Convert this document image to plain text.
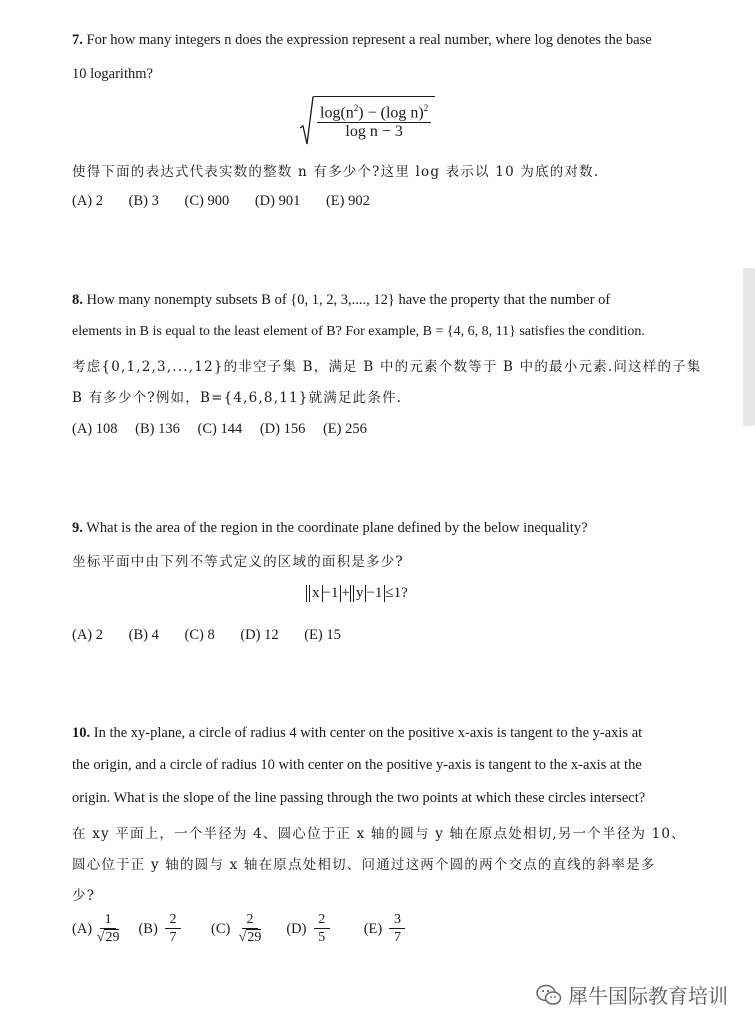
7. For how many integers n does the expression represent a real number, where log denotes the base
10 logarithm?
$\frac{\log(n^2) - (\log n)^2}{\text{log n − 3}}$
使得下面的表达式代表实数的整数 n 有多少个?这里 log 表示以 10 为底的对数.
(A) 2 (B) 3 (C) 900 (D) 901 (E) 902
8. How many nonempty subsets B of {0, 1, 2, 3,...., 12} have the property that the number of
elements in B is equal to the least element of B? For example, B = {4, 6, 8, 11} satisfies the condition.
考虑{0,1,2,3,...,12}的非空子集 B，满足 B 中的元素个数等于 B 中的最小元素.问这样的子集
B 有多少个?例如，B={4,6,8,11}就满足此条件.
(A) 108 (B) 136 (C) 144 (D) 156 (E) 256
9. What is the area of the region in the coordinate plane defined by the below inequality?
坐标平面中由下列不等式定义的区域的面积是多少?
x −1 + y −1 ≤1?
(A) 2 (B) 4 (C) 8 (D) 12 (E) 15
10. In the xy-plane, a circle of radius 4 with center on the positive x-axis is tangent to the y-axis at
the origin, and a circle of radius 10 with center on the positive y-axis is tangent to the x-axis at the
origin. What is the slope of the line passing through the two points at which these circles intersect?
在 xy 平面上，一个半径为 4、圆心位于正 x 轴的圆与 y 轴在原点处相切,另一个半径为 10、
圆心位于正 y 轴的圆与 x 轴在原点处相切、问通过这两个圆的两个交点的直线的斜率是多
少?
(A)

1
√29
(B)
$\frac{2}{7} (C)$

2
√29
(D)
$\frac{2}{5} (E)$
$\frac{3}{7}$
犀牛国际教育培训
